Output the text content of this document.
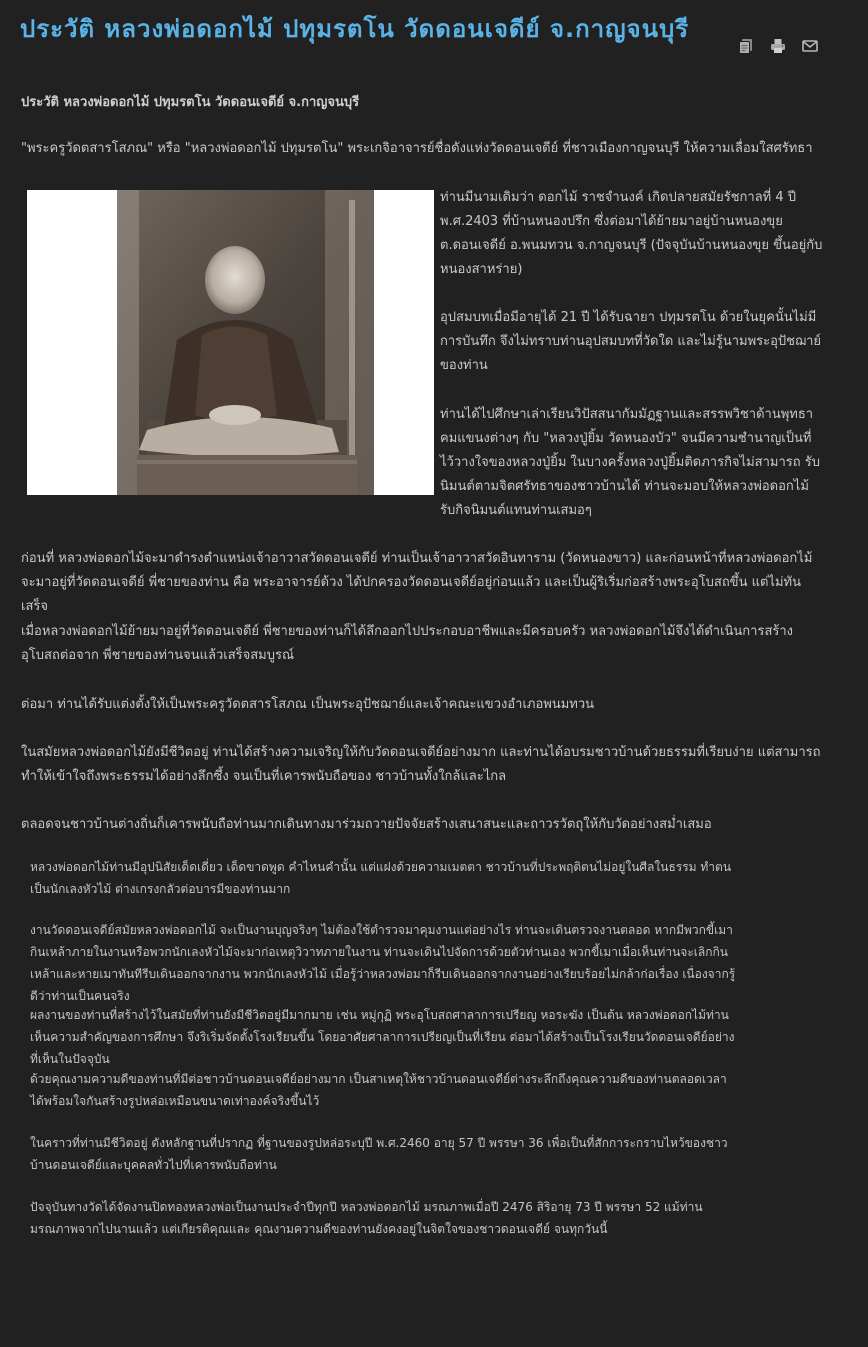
ประวัติ หลวงพ่อดอกไม้ ปทุมรตโน วัดดอนเจดีย์ จ.กาญจนบุรี
ประวัติ หลวงพ่อดอกไม้ ปทุมรตโน วัดดอนเจดีย์ จ.กาญจนบุรี

"พระครูวัดตสารโสภณ" หรือ "หลวงพ่อดอกไม้ ปทุมรตโน" พระเกจิอาจารย์ชื่อดังแห่งวัดดอนเจดีย์ ที่ชาวเมืองกาญจนบุรี ให้ความเลื่อมใสศรัทธา

ท่านมีนามเดิมว่า ดอกไม้ ราชจำนงค์ เกิดปลายสมัยรัชกาลที่ 4 ปี พ.ศ.2403 ที่บ้านหนองปรึก ซึ่งต่อมาได้ย้ายมาอยู่บ้านหนองขุย ต.ดอนเจดีย์ อ.พนมทวน จ.กาญจนบุรี (ปัจจุบันบ้านหนองขุย ขึ้นอยู่กับหนองสาหร่าย)

อุปสมบทเมื่อมีอายุได้ 21 ปี ได้รับฉายา ปทุมรตโน ด้วยในยุคนั้นไม่มีการบันทึก จึงไม่ทราบท่านอุปสมบทที่วัดใด และไม่รู้นามพระอุปัชฌาย์ของท่าน

ท่านได้ไปศึกษาเล่าเรียนวิปัสสนากัมมัฏฐานและสรรพวิชาด้านพุทธาคมแขนงต่างๆ กับ "หลวงปู่ยิ้ม วัดหนองบัว" จนมีความชำนาญเป็นที่ไว้วางใจของหลวงปู่ยิ้ม ในบางครั้งหลวงปู่ยิ้มติดภารกิจไม่สามารถ รับนิมนต์ตามจิตศรัทธาของชาวบ้านได้ ท่านจะมอบให้หลวงพ่อดอกไม้รับกิจนิมนต์แทนท่านเสมอๆ

ก่อนที่ หลวงพ่อดอกไม้จะมาดำรงตำแหน่งเจ้าอาวาสวัดดอนเจดีย์ ท่านเป็นเจ้าอาวาสวัดอินทาราม (วัดหนองขาว) และก่อนหน้าที่หลวงพ่อดอกไม้จะมาอยู่ที่วัดดอนเจดีย์ พี่ชายของท่าน คือ พระอาจารย์ด้วง ได้ปกครองวัดดอนเจดีย์อยู่ก่อนแล้ว และเป็นผู้ริเริ่มก่อสร้างพระอุโบสถขึ้น แต่ไม่ทันเสร็จ

เมื่อหลวงพ่อดอกไม้ย้ายมาอยู่ที่วัดดอนเจดีย์ พี่ชายของท่านก็ได้ลึกออกไปประกอบอาชีพและมีครอบครัว หลวงพ่อดอกไม้จึงได้ดำเนินการสร้างอุโบสถต่อจาก พี่ชายของท่านจนแล้วเสร็จสมบูรณ์

ต่อมา ท่านได้รับแต่งตั้งให้เป็นพระครูวัดตสารโสภณ เป็นพระอุปัชฌาย์และเจ้าคณะแขวงอำเภอพนมทวน

ในสมัยหลวงพ่อดอกไม้ยังมีชีวิตอยู่ ท่านได้สร้างความเจริญให้กับวัดดอนเจดีย์อย่างมาก และท่านได้อบรมชาวบ้านด้วยธรรมที่เรียบง่าย แต่สามารถทำให้เข้าใจถึงพระธรรมได้อย่างลึกซึ้ง จนเป็นที่เคารพนับถือของ ชาวบ้านทั้งใกล้และไกล

ตลอดจนชาวบ้านต่างถิ่นก็เคารพนับถือท่านมากเดินทางมาร่วมถวายปัจจัยสร้างเสนาสนะและถาวรวัตถุให้กับวัดอย่างสม่ำเสมอ

หลวงพ่อดอกไม้ท่านมีอุปนิสัยเด็ดเดี่ยว เด็ดขาดพูด คำไหนคำนั้น แต่แฝงด้วยความเมตตา ชาวบ้านที่ประพฤติตนไม่อยู่ในศีลในธรรม ทำตนเป็นนักเลงหัวไม้ ต่างเกรงกลัวต่อบารมีของท่านมาก

งานวัดดอนเจดีย์สมัยหลวงพ่อดอกไม้ จะเป็นงานบุญจริงๆ ไม่ต้องใช้ตำรวจมาคุมงานแต่อย่างไร ท่านจะเดินตรวจงานตลอด หากมีพวกขี้เมา กินเหล้าภายในงานหรือพวกนักเลงหัวไม้จะมาก่อเหตุวิวาทภายในงาน ท่านจะเดินไปจัดการด้วยตัวท่านเอง พวกขี้เมาเมื่อเห็นท่านจะเลิกกินเหล้าและหายเมาทันทีรีบเดินออกจากงาน พวกนักเลงหัวไม้ เมื่อรู้ว่าหลวงพ่อมาก็รีบเดินออกจากงานอย่างเรียบร้อยไม่กล้าก่อเรื่อง เนื่องจากรู้ดีว่าท่านเป็นคนจริง

ผลงานของท่านที่สร้างไว้ในสมัยที่ท่านยังมีชีวิตอยู่มีมากมาย เช่น หมู่กุฏิ พระอุโบสถศาลาการเปรียญ หอระฆัง เป็นต้น หลวงพ่อดอกไม้ท่านเห็นความสำคัญของการศึกษา จึงริเริ่มจัดตั้งโรงเรียนขึ้น โดยอาศัยศาลาการเปรียญเป็นที่เรียน ต่อมาได้สร้างเป็นโรงเรียนวัดดอนเจดีย์อย่างที่เห็นในปัจจุบัน

ด้วยคุณงามความดีของท่านที่มีต่อชาวบ้านดอนเจดีย์อย่างมาก เป็นสาเหตุให้ชาวบ้านดอนเจดีย์ต่างระลึกถึงคุณความดีของท่านตลอดเวลา ได้พร้อมใจกันสร้างรูปหล่อเหมือนขนาดเท่าองค์จริงขึ้นไว้

ในคราวที่ท่านมีชีวิตอยู่ ดังหลักฐานที่ปรากฏ ที่ฐานของรูปหล่อระบุปี พ.ศ.2460 อายุ 57 ปี พรรษา 36 เพื่อเป็นที่สักการะกราบไหว้ของชาวบ้านดอนเจดีย์และบุคคลทั่วไปที่เคารพนับถือท่าน

ปัจจุบันทางวัดได้จัดงานปิดทองหลวงพ่อเป็นงานประจำปีทุกปี หลวงพ่อดอกไม้ มรณภาพเมื่อปี 2476 สิริอายุ 73 ปี พรรษา 52 แม้ท่านมรณภาพจากไปนานแล้ว แต่เกียรติคุณและ คุณงามความดีของท่านยังคงอยู่ในจิตใจของชาวดอนเจดีย์ จนทุกวันนี้
